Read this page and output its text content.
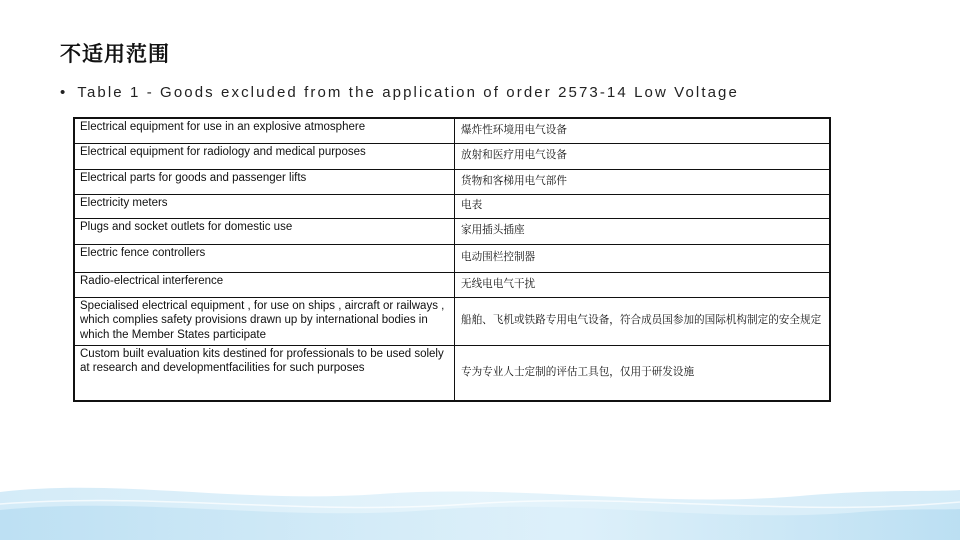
不适用范围
• Table 1 - Goods excluded from the application of order 2573-14 Low Voltage
Electrical equipment for use in an explosive atmosphere	爆炸性环境用电气设备
Electrical equipment for radiology and medical purposes	放射和医疗用电气设备
Electrical parts for goods and passenger lifts	货物和客梯用电气部件
Electricity meters	电表
Plugs and socket outlets for domestic use	家用插头插座
Electric fence controllers	电动围栏控制器
Radio-electrical interference	无线电电气干扰
Specialised electrical equipment , for use on ships , aircraft or railways , which complies safety provisions drawn up by international bodies in which the Member States participate	船舶、飞机或铁路专用电气设备，符合成员国参加的国际机构制定的安全规定
Custom built evaluation kits destined for professionals to be used solely at research and developmentfacilities for such purposes	专为专业人士定制的评估工具包，仅用于研发设施
